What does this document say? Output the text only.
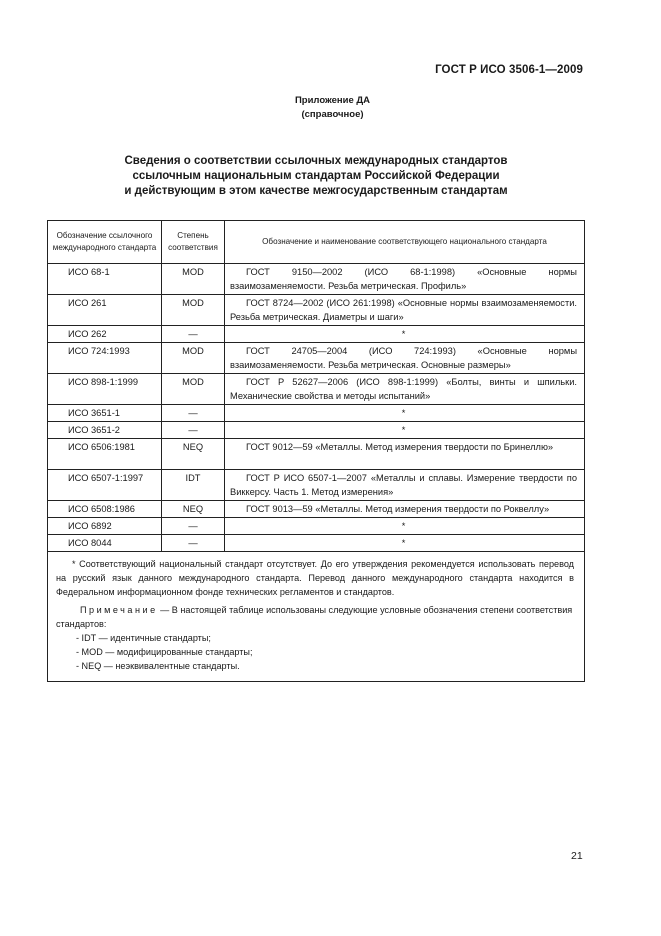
ГОСТ Р ИСО 3506-1—2009
Приложение ДА
(справочное)
Сведения о соответствии ссылочных международных стандартов
ссылочным национальным стандартам Российской Федерации
и действующим в этом качестве межгосударственным стандартам
Обозначение ссылочного международного стандарта	Степень соответствия	Обозначение и наименование соответствующего национального стандарта
ИСО 68-1	MOD	ГОСТ 9150—2002 (ИСО 68-1:1998) «Основные нормы взаимозаменяемости. Резьба метрическая. Профиль»
ИСО 261	MOD	ГОСТ 8724—2002 (ИСО 261:1998) «Основные нормы взаимозаменяемости. Резьба метрическая. Диаметры и шаги»
ИСО 262	—	*
ИСО 724:1993	MOD	ГОСТ 24705—2004 (ИСО 724:1993) «Основные нормы взаимозаменяемости. Резьба метрическая. Основные размеры»
ИСО 898-1:1999	MOD	ГОСТ Р 52627—2006 (ИСО 898-1:1999) «Болты, винты и шпильки. Механические свойства и методы испытаний»
ИСО 3651-1	—	*
ИСО 3651-2	—	*
ИСО 6506:1981	NEQ	ГОСТ 9012—59 «Металлы. Метод измерения твердости по Бринеллю»
ИСО 6507-1:1997	IDT	ГОСТ Р ИСО 6507-1—2007 «Металлы и сплавы. Измерение твердости по Виккерсу. Часть 1. Метод измерения»
ИСО 6508:1986	NEQ	ГОСТ 9013—59 «Металлы. Метод измерения твердости по Роквеллу»
ИСО 6892	—	*
ИСО 8044	—	*

* Соответствующий национальный стандарт отсутствует. До его утверждения рекомендуется использовать перевод на русский язык данного международного стандарта. Перевод данного международного стандарта находится в Федеральном информационном фонде технических регламентов и стандартов.

Примечание — В настоящей таблице использованы следующие условные обозначения степени соответствия стандартов:

- IDT — идентичные стандарты;

- MOD — модифицированные стандарты;

- NEQ — неэквивалентные стандарты.		

21
